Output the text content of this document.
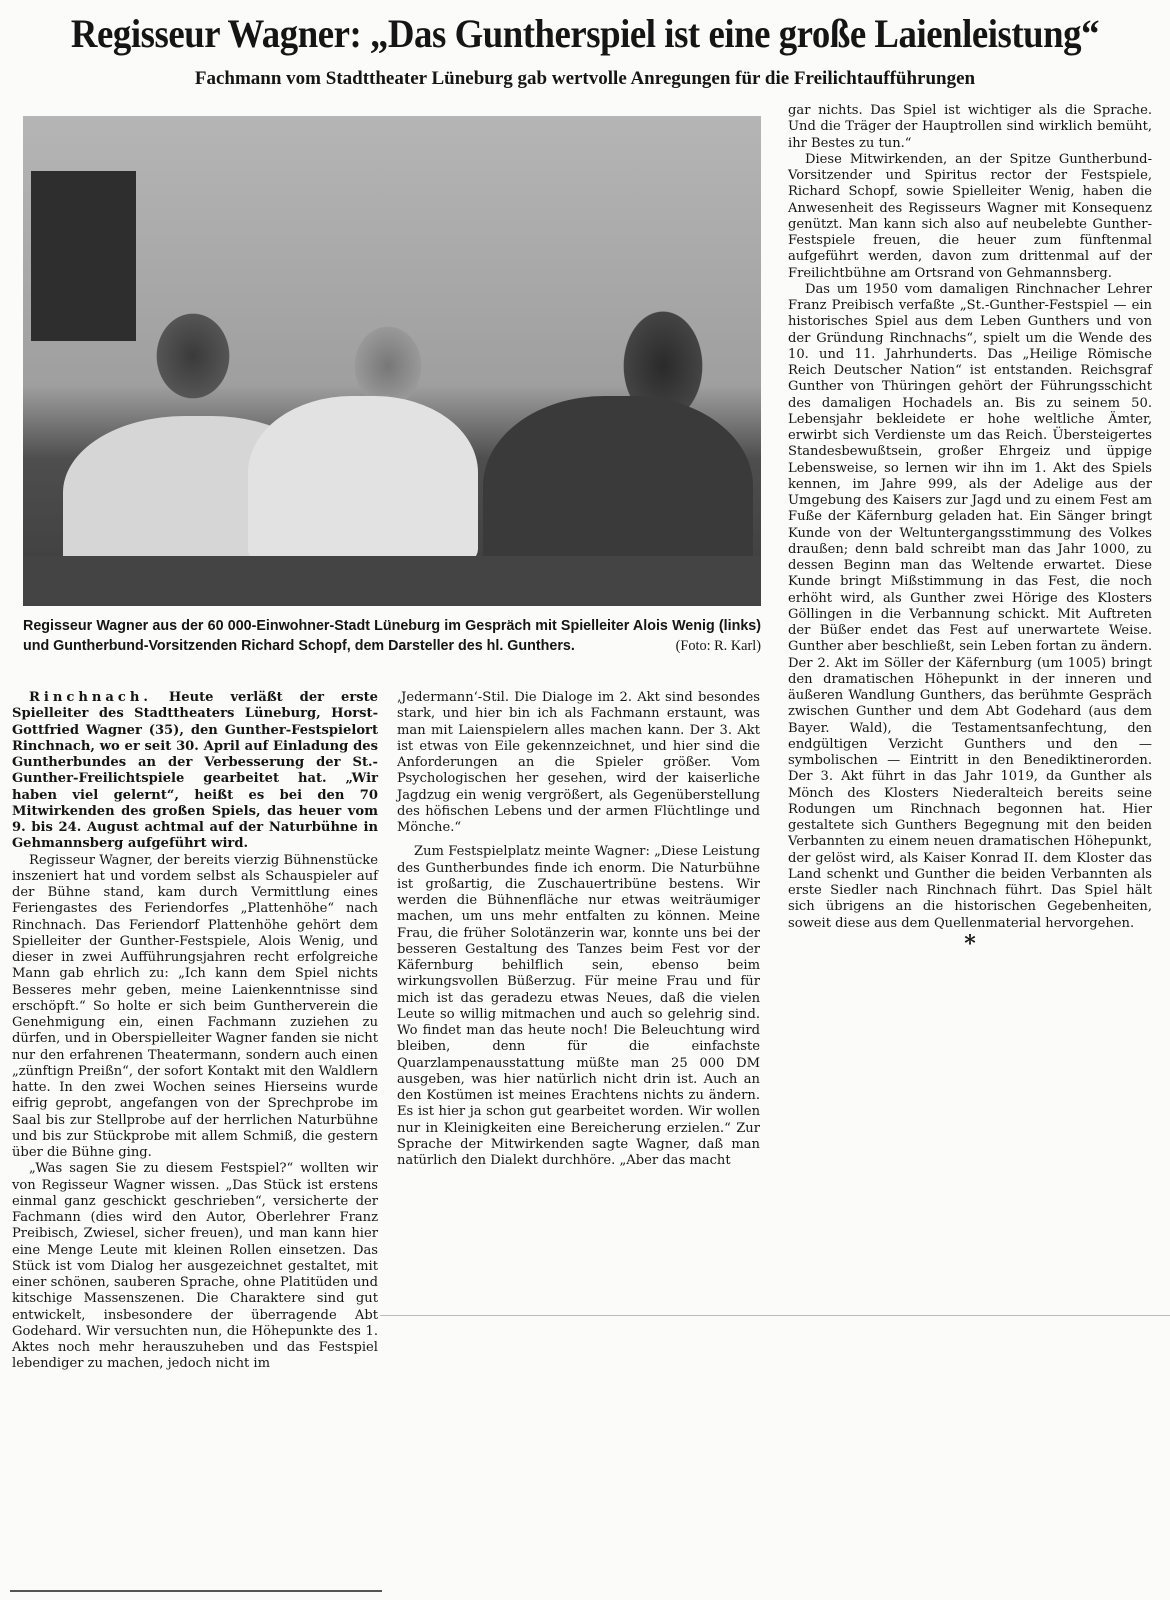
Regisseur Wagner: „Das Guntherspiel ist eine große Laienleistung“
Fachmann vom Stadttheater Lüneburg gab wertvolle Anregungen für die Freilichtaufführungen

Regisseur Wagner aus der 60 000-Einwohner-Stadt Lüneburg im Gespräch mit Spielleiter Alois Wenig (links) und Guntherbund-Vorsitzenden Richard Schopf, dem Darsteller des hl. Gunthers.	(Foto: R. Karl)

Rinchnach. Heute verläßt der erste Spielleiter des Stadttheaters Lüneburg, Horst-Gottfried Wagner (35), den Gunther-Festspielort Rinchnach, wo er seit 30. April auf Einladung des Guntherbundes an der Verbesserung der St.-Gunther-Freilichtspiele gearbeitet hat. „Wir haben viel gelernt“, heißt es bei den 70 Mitwirkenden des großen Spiels, das heuer vom 9. bis 24. August achtmal auf der Naturbühne in Gehmannsberg aufgeführt wird.

Regisseur Wagner, der bereits vierzig Bühnenstücke inszeniert hat und vordem selbst als Schauspieler auf der Bühne stand, kam durch Vermittlung eines Feriengastes des Feriendorfes „Plattenhöhe“ nach Rinchnach. Das Feriendorf Plattenhöhe gehört dem Spielleiter der Gunther-Festspiele, Alois Wenig, und dieser in zwei Aufführungsjahren recht erfolgreiche Mann gab ehrlich zu: „Ich kann dem Spiel nichts Besseres mehr geben, meine Laienkenntnisse sind erschöpft.“ So holte er sich beim Guntherverein die Genehmigung ein, einen Fachmann zuziehen zu dürfen, und in Oberspielleiter Wagner fanden sie nicht nur den erfahrenen Theatermann, sondern auch einen „zünftign Preißn“, der sofort Kontakt mit den Waldlern hatte. In den zwei Wochen seines Hierseins wurde eifrig geprobt, angefangen von der Sprechprobe im Saal bis zur Stellprobe auf der herrlichen Naturbühne und bis zur Stückprobe mit allem Schmiß, die gestern über die Bühne ging.

„Was sagen Sie zu diesem Festspiel?“ wollten wir von Regisseur Wagner wissen. „Das Stück ist erstens einmal ganz geschickt geschrieben“, versicherte der Fachmann (dies wird den Autor, Oberlehrer Franz Preibisch, Zwiesel, sicher freuen), und man kann hier eine Menge Leute mit kleinen Rollen einsetzen. Das Stück ist vom Dialog her ausgezeichnet gestaltet, mit einer schönen, sauberen Sprache, ohne Platitüden und kitschige Massenszenen. Die Charaktere sind gut entwickelt, insbesondere der überragende Abt Godehard. Wir versuchten nun, die Höhepunkte des 1. Aktes noch mehr herauszuheben und das Festspiel lebendiger zu machen, jedoch nicht im

‚Jedermann‘-Stil. Die Dialoge im 2. Akt sind besondes stark, und hier bin ich als Fachmann erstaunt, was man mit Laienspielern alles machen kann. Der 3. Akt ist etwas von Eile gekennzeichnet, und hier sind die Anforderungen an die Spieler größer. Vom Psychologischen her gesehen, wird der kaiserliche Jagdzug ein wenig vergrößert, als Gegenüberstellung des höfischen Lebens und der armen Flüchtlinge und Mönche.“

Zum Festspielplatz meinte Wagner: „Diese Leistung des Guntherbundes finde ich enorm. Die Naturbühne ist großartig, die Zuschauertribüne bestens. Wir werden die Bühnenfläche nur etwas weiträumiger machen, um uns mehr entfalten zu können. Meine Frau, die früher Solotänzerin war, konnte uns bei der besseren Gestaltung des Tanzes beim Fest vor der Käfernburg behilflich sein, ebenso beim wirkungsvollen Büßerzug. Für meine Frau und für mich ist das geradezu etwas Neues, daß die vielen Leute so willig mitmachen und auch so gelehrig sind. Wo findet man das heute noch! Die Beleuchtung wird bleiben, denn für die einfachste Quarzlampenausstattung müßte man 25 000 DM ausgeben, was hier natürlich nicht drin ist. Auch an den Kostümen ist meines Erachtens nichts zu ändern. Es ist hier ja schon gut gearbeitet worden. Wir wollen nur in Kleinigkeiten eine Bereicherung erzielen.“ Zur Sprache der Mitwirkenden sagte Wagner, daß man natürlich den Dialekt durchhöre. „Aber das macht

gar nichts. Das Spiel ist wichtiger als die Sprache. Und die Träger der Hauptrollen sind wirklich bemüht, ihr Bestes zu tun.“

Diese Mitwirkenden, an der Spitze Guntherbund-Vorsitzender und Spiritus rector der Festspiele, Richard Schopf, sowie Spielleiter Wenig, haben die Anwesenheit des Regisseurs Wagner mit Konsequenz genützt. Man kann sich also auf neubelebte Gunther-Festspiele freuen, die heuer zum fünftenmal aufgeführt werden, davon zum drittenmal auf der Freilichtbühne am Ortsrand von Gehmannsberg.

Das um 1950 vom damaligen Rinchnacher Lehrer Franz Preibisch verfaßte „St.-Gunther-Festspiel — ein historisches Spiel aus dem Leben Gunthers und von der Gründung Rinchnachs“, spielt um die Wende des 10. und 11. Jahrhunderts. Das „Heilige Römische Reich Deutscher Nation“ ist entstanden. Reichsgraf Gunther von Thüringen gehört der Führungsschicht des damaligen Hochadels an. Bis zu seinem 50. Lebensjahr bekleidete er hohe weltliche Ämter, erwirbt sich Verdienste um das Reich. Übersteigertes Standesbewußtsein, großer Ehrgeiz und üppige Lebensweise, so lernen wir ihn im 1. Akt des Spiels kennen, im Jahre 999, als der Adelige aus der Umgebung des Kaisers zur Jagd und zu einem Fest am Fuße der Käfernburg geladen hat. Ein Sänger bringt Kunde von der Weltuntergangsstimmung des Volkes draußen; denn bald schreibt man das Jahr 1000, zu dessen Beginn man das Weltende erwartet. Diese Kunde bringt Mißstimmung in das Fest, die noch erhöht wird, als Gunther zwei Hörige des Klosters Göllingen in die Verbannung schickt. Mit Auftreten der Büßer endet das Fest auf unerwartete Weise. Gunther aber beschließt, sein Leben fortan zu ändern. Der 2. Akt im Söller der Käfernburg (um 1005) bringt den dramatischen Höhepunkt in der inneren und äußeren Wandlung Gunthers, das berühmte Gespräch zwischen Gunther und dem Abt Godehard (aus dem Bayer. Wald), die Testamentsanfechtung, den endgültigen Verzicht Gunthers und den — symbolischen — Eintritt in den Benediktinerorden. Der 3. Akt führt in das Jahr 1019, da Gunther als Mönch des Klosters Niederalteich bereits seine Rodungen um Rinchnach begonnen hat. Hier gestaltete sich Gunthers Begegnung mit den beiden Verbannten zu einem neuen dramatischen Höhepunkt, der gelöst wird, als Kaiser Konrad II. dem Kloster das Land schenkt und Gunther die beiden Verbannten als erste Siedler nach Rinchnach führt. Das Spiel hält sich übrigens an die historischen Gegebenheiten, soweit diese aus dem Quellenmaterial hervorgehen.

*
